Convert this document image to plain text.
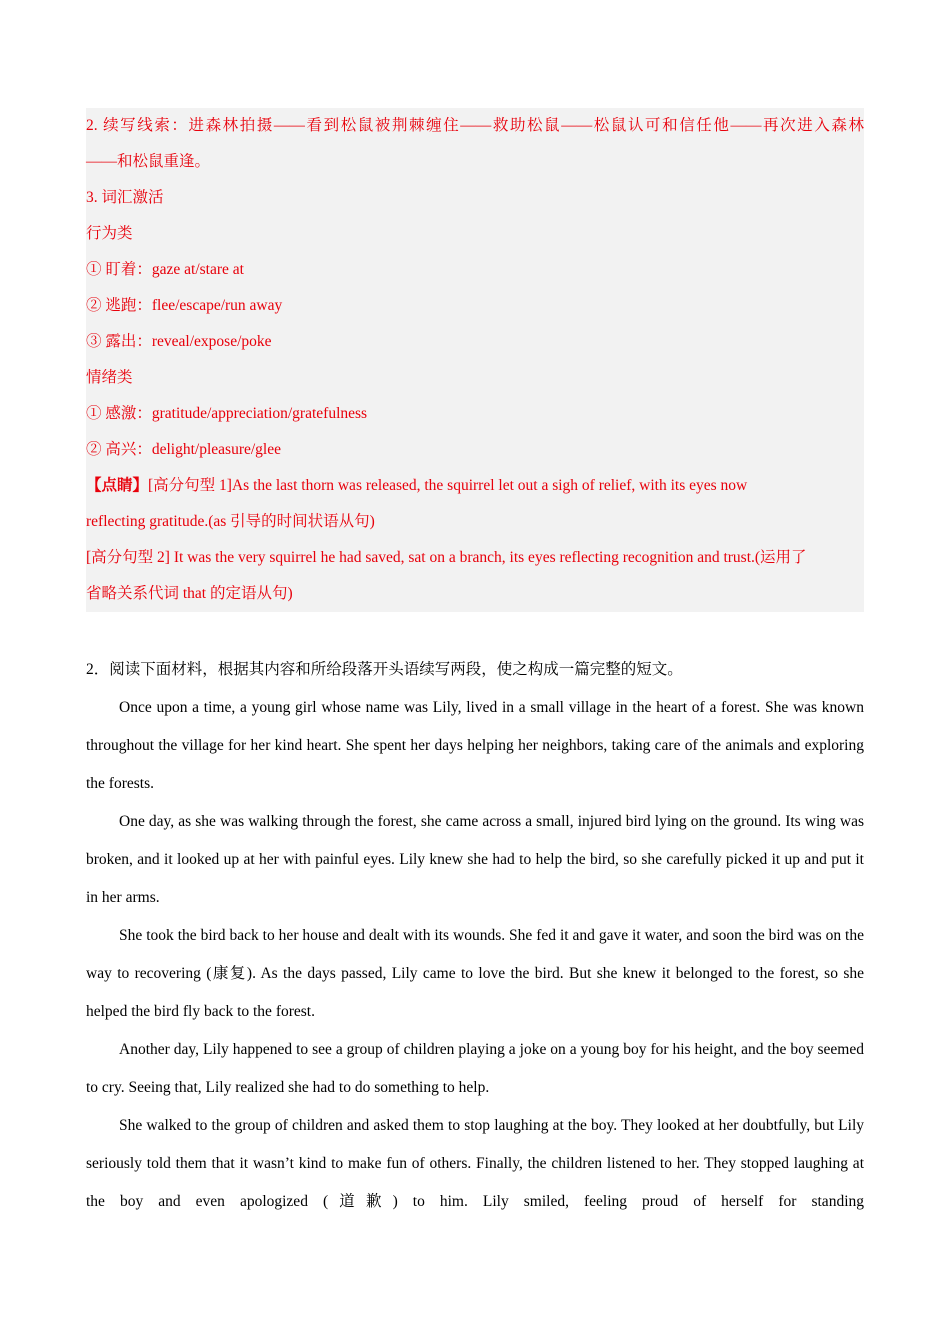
2. 续写线索：进森林拍摄——看到松鼠被荆棘缠住——救助松鼠——松鼠认可和信任他——再次进入森林
——和松鼠重逢。
3. 词汇激活
行为类
① 盯着：gaze at/stare at
② 逃跑：flee/escape/run away
③ 露出：reveal/expose/poke
情绪类
① 感激：gratitude/appreciation/gratefulness
② 高兴：delight/pleasure/glee
【点睛】[高分句型 1]As the last thorn was released, the squirrel let out a sigh of relief, with its eyes now
reflecting gratitude.(as 引导的时间状语从句)
[高分句型 2] It was the very squirrel he had saved, sat on a branch, its eyes reflecting recognition and trust.(运用了
省略关系代词 that 的定语从句)
2．阅读下面材料，根据其内容和所给段落开头语续写两段，使之构成一篇完整的短文。

Once upon a time, a young girl whose name was Lily, lived in a small village in the heart of a forest. She was known throughout the village for her kind heart. She spent her days helping her neighbors, taking care of the animals and exploring the forests.

One day, as she was walking through the forest, she came across a small, injured bird lying on the ground. Its wing was broken, and it looked up at her with painful eyes. Lily knew she had to help the bird, so she carefully picked it up and put it in her arms.

She took the bird back to her house and dealt with its wounds. She fed it and gave it water, and soon the bird was on the way to recovering (康复). As the days passed, Lily came to love the bird. But she knew it belonged to the forest, so she helped the bird fly back to the forest.

Another day, Lily happened to see a group of children playing a joke on a young boy for his height, and the boy seemed to cry. Seeing that, Lily realized she had to do something to help.

She walked to the group of children and asked them to stop laughing at the boy. They looked at her doubtfully, but Lily seriously told them that it wasn’t kind to make fun of others. Finally, the children listened to her. They stopped laughing at the boy and even apologized (道歉) to him. Lily smiled, feeling proud of herself for standing
